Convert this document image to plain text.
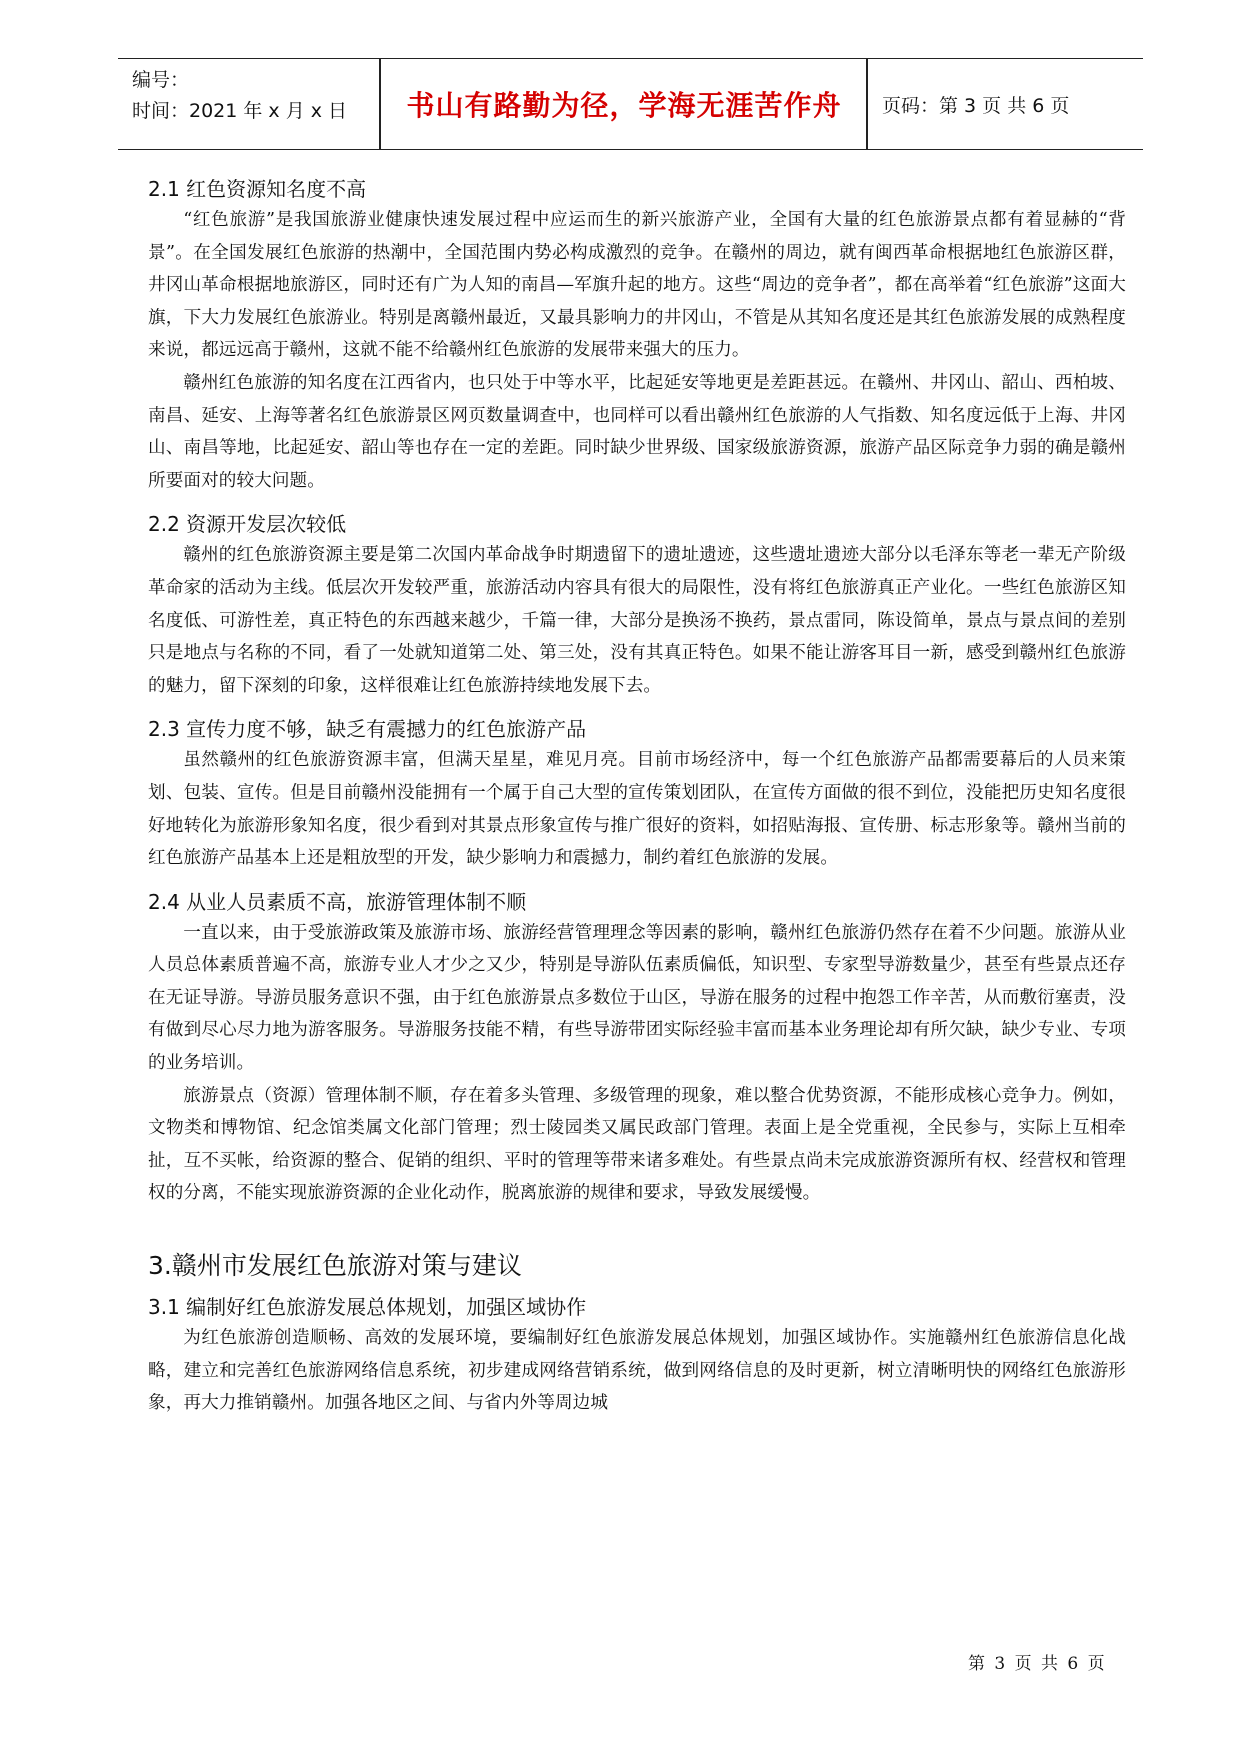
编号：
时间：2021 年 x 月 x 日	书山有路勤为径，学海无涯苦作舟	页码：第 3 页 共 6 页
2.1 红色资源知名度不高

“红色旅游”是我国旅游业健康快速发展过程中应运而生的新兴旅游产业，全国有大量的红色旅游景点都有着显赫的“背景”。在全国发展红色旅游的热潮中，全国范围内势必构成激烈的竞争。在赣州的周边，就有闽西革命根据地红色旅游区群，井冈山革命根据地旅游区，同时还有广为人知的南昌—军旗升起的地方。这些“周边的竞争者”，都在高举着“红色旅游”这面大旗，下大力发展红色旅游业。特别是离赣州最近，又最具影响力的井冈山，不管是从其知名度还是其红色旅游发展的成熟程度来说，都远远高于赣州，这就不能不给赣州红色旅游的发展带来强大的压力。

赣州红色旅游的知名度在江西省内，也只处于中等水平，比起延安等地更是差距甚远。在赣州、井冈山、韶山、西柏坡、南昌、延安、上海等著名红色旅游景区网页数量调查中，也同样可以看出赣州红色旅游的人气指数、知名度远低于上海、井冈山、南昌等地，比起延安、韶山等也存在一定的差距。同时缺少世界级、国家级旅游资源，旅游产品区际竞争力弱的确是赣州所要面对的较大问题。

2.2 资源开发层次较低

赣州的红色旅游资源主要是第二次国内革命战争时期遗留下的遗址遗迹，这些遗址遗迹大部分以毛泽东等老一辈无产阶级革命家的活动为主线。低层次开发较严重，旅游活动内容具有很大的局限性，没有将红色旅游真正产业化。一些红色旅游区知名度低、可游性差，真正特色的东西越来越少，千篇一律，大部分是换汤不换药，景点雷同，陈设简单，景点与景点间的差别只是地点与名称的不同，看了一处就知道第二处、第三处，没有其真正特色。如果不能让游客耳目一新，感受到赣州红色旅游的魅力，留下深刻的印象，这样很难让红色旅游持续地发展下去。

2.3 宣传力度不够，缺乏有震撼力的红色旅游产品

虽然赣州的红色旅游资源丰富，但满天星星，难见月亮。目前市场经济中，每一个红色旅游产品都需要幕后的人员来策划、包装、宣传。但是目前赣州没能拥有一个属于自己大型的宣传策划团队，在宣传方面做的很不到位，没能把历史知名度很好地转化为旅游形象知名度，很少看到对其景点形象宣传与推广很好的资料，如招贴海报、宣传册、标志形象等。赣州当前的红色旅游产品基本上还是粗放型的开发，缺少影响力和震撼力，制约着红色旅游的发展。

2.4 从业人员素质不高，旅游管理体制不顺

一直以来，由于受旅游政策及旅游市场、旅游经营管理理念等因素的影响，赣州红色旅游仍然存在着不少问题。旅游从业人员总体素质普遍不高，旅游专业人才少之又少，特别是导游队伍素质偏低，知识型、专家型导游数量少，甚至有些景点还存在无证导游。导游员服务意识不强，由于红色旅游景点多数位于山区，导游在服务的过程中抱怨工作辛苦，从而敷衍塞责，没有做到尽心尽力地为游客服务。导游服务技能不精，有些导游带团实际经验丰富而基本业务理论却有所欠缺，缺少专业、专项的业务培训。

旅游景点（资源）管理体制不顺，存在着多头管理、多级管理的现象，难以整合优势资源，不能形成核心竞争力。例如，文物类和博物馆、纪念馆类属文化部门管理；烈士陵园类又属民政部门管理。表面上是全党重视，全民参与，实际上互相牵扯，互不买帐，给资源的整合、促销的组织、平时的管理等带来诸多难处。有些景点尚未完成旅游资源所有权、经营权和管理权的分离，不能实现旅游资源的企业化动作，脱离旅游的规律和要求，导致发展缓慢。

3.赣州市发展红色旅游对策与建议
3.1 编制好红色旅游发展总体规划，加强区域协作

为红色旅游创造顺畅、高效的发展环境，要编制好红色旅游发展总体规划，加强区域协作。实施赣州红色旅游信息化战略，建立和完善红色旅游网络信息系统，初步建成网络营销系统，做到网络信息的及时更新，树立清晰明快的网络红色旅游形象，再大力推销赣州。加强各地区之间、与省内外等周边城

第 3 页 共 6 页
